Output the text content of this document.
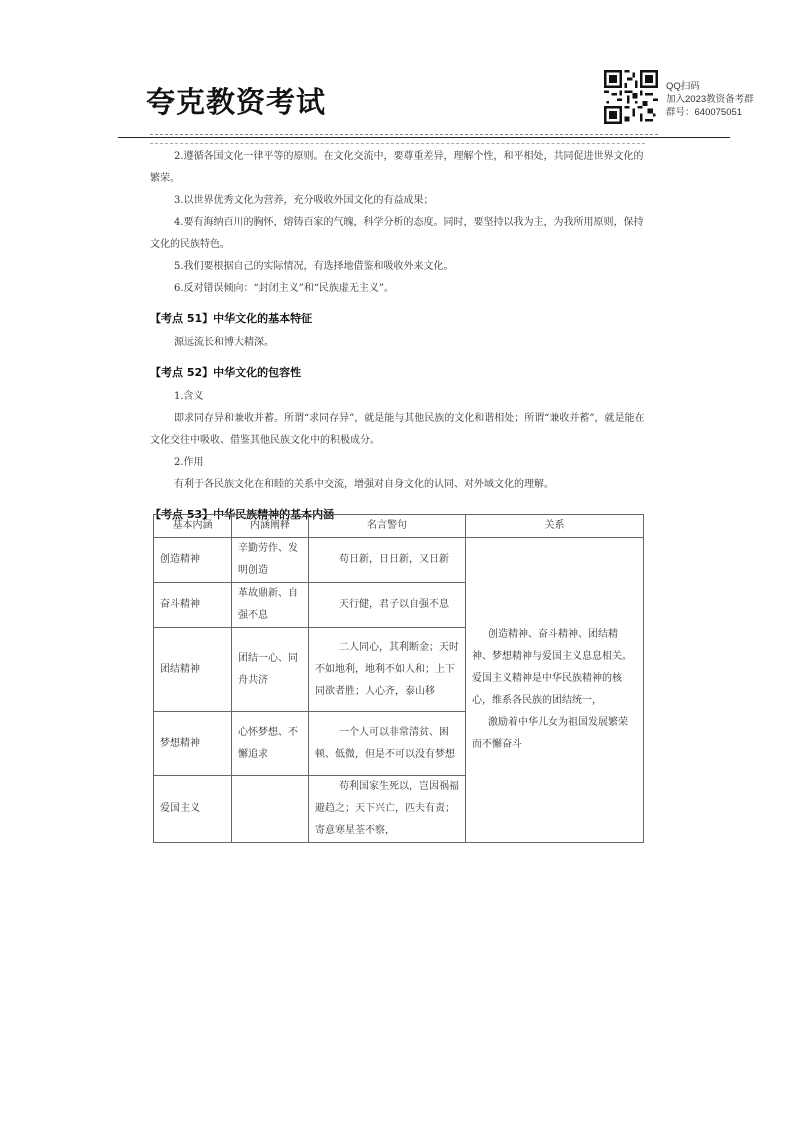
夸克教资考试	QQ扫码
加入2023教资备考群
群号：640075051

2.遵循各国文化一律平等的原则。在文化交流中，要尊重差异，理解个性，和平相处，共同促进世界文化的繁荣。

3.以世界优秀文化为营养，充分吸收外国文化的有益成果；

4.要有海纳百川的胸怀，熔铸百家的气魄，科学分析的态度。同时，要坚持以我为主，为我所用原则，保持文化的民族特色。

5.我们要根据自己的实际情况，有选择地借鉴和吸收外来文化。

6.反对错误倾向：“封闭主义”和“民族虚无主义”。

【考点 51】中华文化的基本特征

源远流长和博大精深。

【考点 52】中华文化的包容性

1.含义

即求同存异和兼收并蓄。所谓“求同存异”，就是能与其他民族的文化和谐相处；所谓“兼收并蓄”，就是能在文化交往中吸收、借鉴其他民族文化中的积极成分。

2.作用

有利于各民族文化在和睦的关系中交流，增强对自身文化的认同、对外域文化的理解。

【考点 53】中华民族精神的基本内涵

基本内涵	内涵阐释	名言警句	关系
创造精神	辛勤劳作、发明创造	苟日新，日日新，又日新	创造精神、奋斗精神、团结精神、梦想精神与爱国主义息息相关。爱国主义精神是中华民族精神的核心，维系各民族的团结统一，

激励着中华儿女为祖国发展繁荣而不懈奋斗

奋斗精神	革故鼎新、自强不息	天行健，君子以自强不息	
团结精神	团结一心、同舟共济	二人同心，其利断金；天时不如地利，地利不如人和；上下同欲者胜；人心齐，泰山移	
梦想精神	心怀梦想、不懈追求	一个人可以非常清贫、困顿、低微，但是不可以没有梦想	
爱国主义		苟利国家生死以，岂因祸福避趋之；天下兴亡，匹夫有责；寄意寒星荃不察，	
